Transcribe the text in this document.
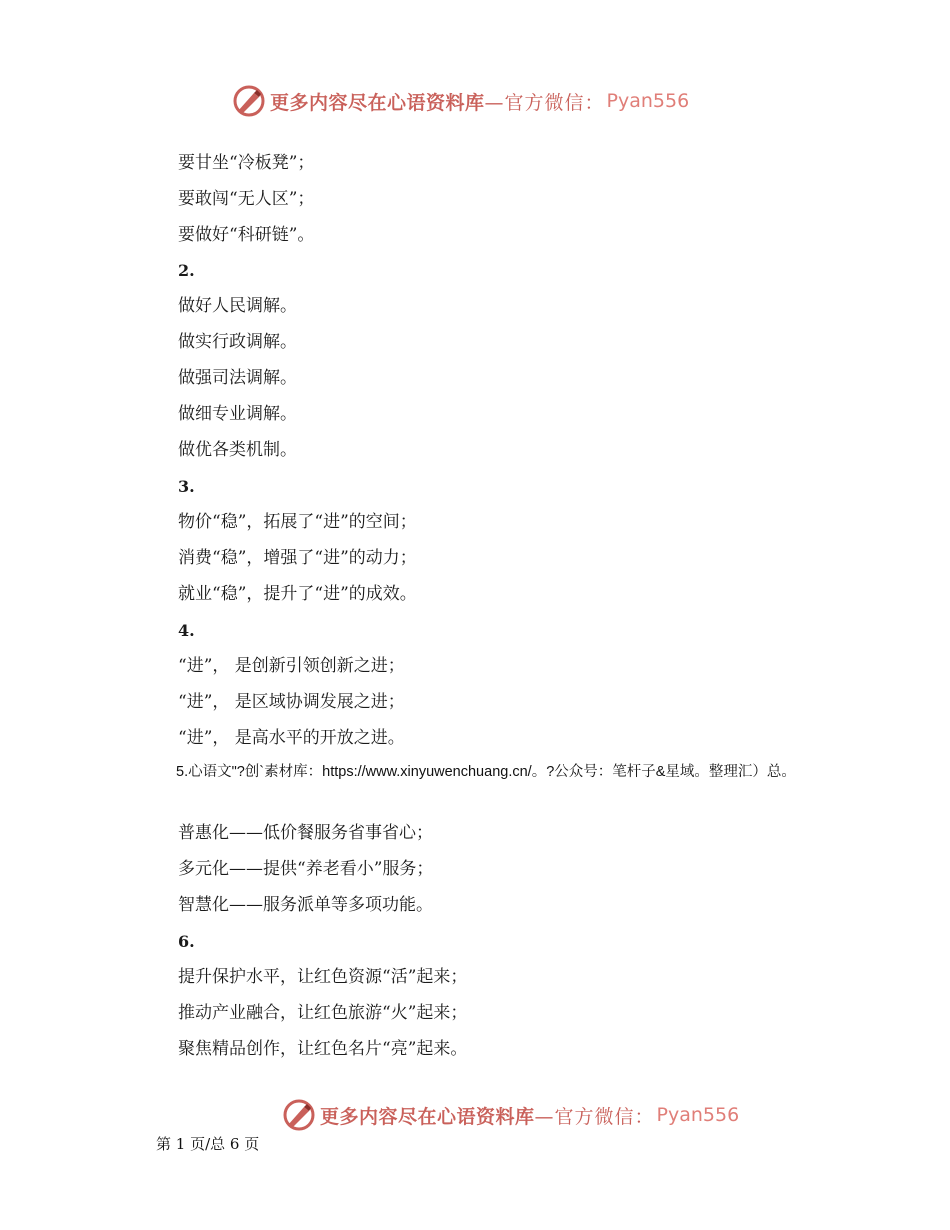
更多内容尽在心语资料库 —官方微信： Pyan556
要甘坐“冷板凳”；
要敢闯“无人区”；
要做好“科研链”。
2.
做好人民调解。
做实行政调解。
做强司法调解。
做细专业调解。
做优各类机制。
3.
物价“稳”，拓展了“进”的空间；
消费“稳”，增强了“进”的动力；
就业“稳”，提升了“进”的成效。
4.
“进”， 是创新引领创新之进；
“进”， 是区域协调发展之进；
“进”， 是高水平的开放之进。
5.心语文"?创`素材库：https://www.xinyuwenchuang.cn/。?公众号：笔杆子&星域。整理汇）总。
普惠化——低价餐服务省事省心；
多元化——提供“养老看小”服务；
智慧化——服务派单等多项功能。
6.
提升保护水平，让红色资源“活”起来；
推动产业融合，让红色旅游“火”起来；
聚焦精品创作，让红色名片“亮”起来。
更多内容尽在心语资料库 —官方微信： Pyan556
第 1 页/总 6 页
